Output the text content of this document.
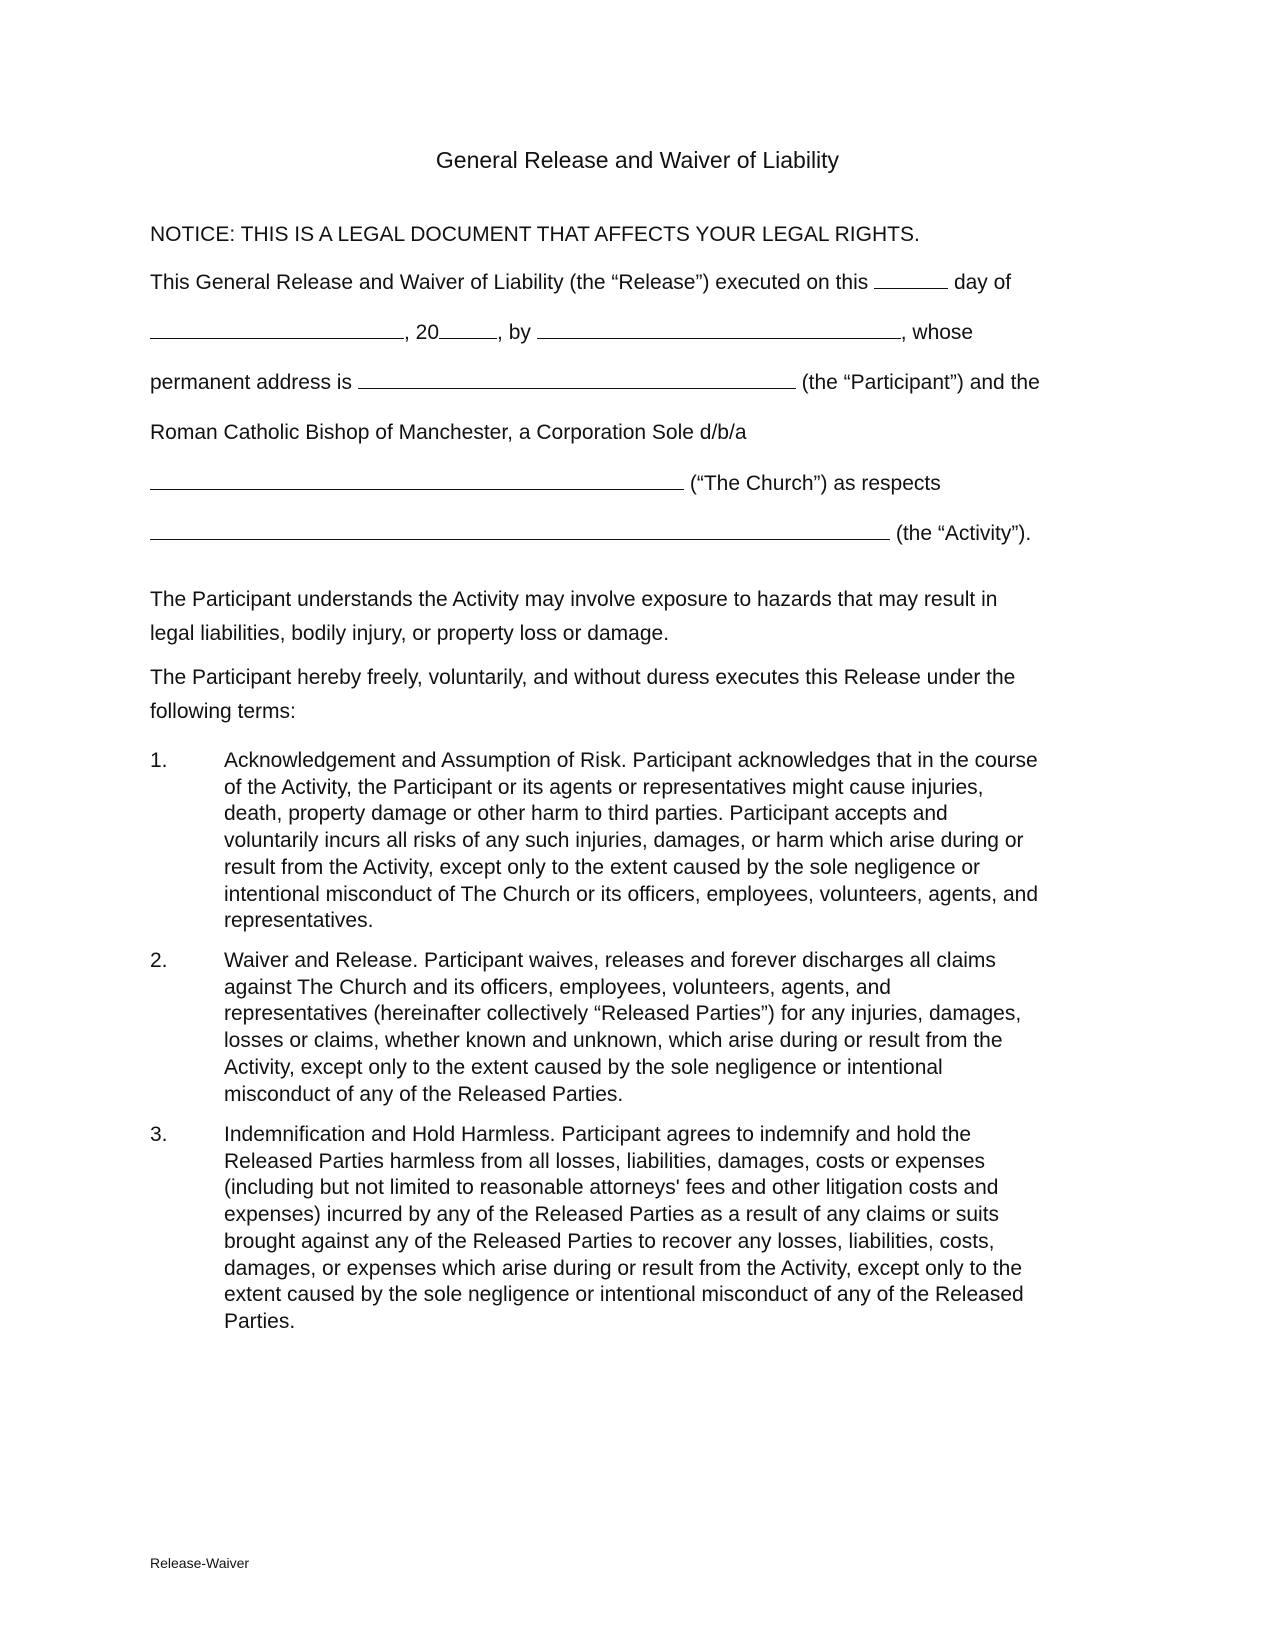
General Release and Waiver of Liability
NOTICE: THIS IS A LEGAL DOCUMENT THAT AFFECTS YOUR LEGAL RIGHTS.
This General Release and Waiver of Liability (the “Release”) executed on this	day of
, 20	, by	, whose
permanent address is	(the “Participant”) and the
Roman Catholic Bishop of Manchester, a Corporation Sole d/b/a
(“The Church”) as respects
(the “Activity”).
The Participant understands the Activity may involve exposure to hazards that may result in
legal liabilities, bodily injury, or property loss or damage.
The Participant hereby freely, voluntarily, and without duress executes this Release under the
following terms:
1.	Acknowledgement and Assumption of Risk. Participant acknowledges that in the course
of the Activity, the Participant or its agents or representatives might cause injuries,
death, property damage or other harm to third parties. Participant accepts and
voluntarily incurs all risks of any such injuries, damages, or harm which arise during or
result from the Activity, except only to the extent caused by the sole negligence or
intentional misconduct of The Church or its officers, employees, volunteers, agents, and
representatives.
2.	Waiver and Release. Participant waives, releases and forever discharges all claims
against The Church and its officers, employees, volunteers, agents, and
representatives (hereinafter collectively “Released Parties”) for any injuries, damages,
losses or claims, whether known and unknown, which arise during or result from the
Activity, except only to the extent caused by the sole negligence or intentional
misconduct of any of the Released Parties.
3.	Indemnification and Hold Harmless. Participant agrees to indemnify and hold the
Released Parties harmless from all losses, liabilities, damages, costs or expenses
(including but not limited to reasonable attorneys' fees and other litigation costs and
expenses) incurred by any of the Released Parties as a result of any claims or suits
brought against any of the Released Parties to recover any losses, liabilities, costs,
damages, or expenses which arise during or result from the Activity, except only to the
extent caused by the sole negligence or intentional misconduct of any of the Released
Parties.
Release-Waiver
